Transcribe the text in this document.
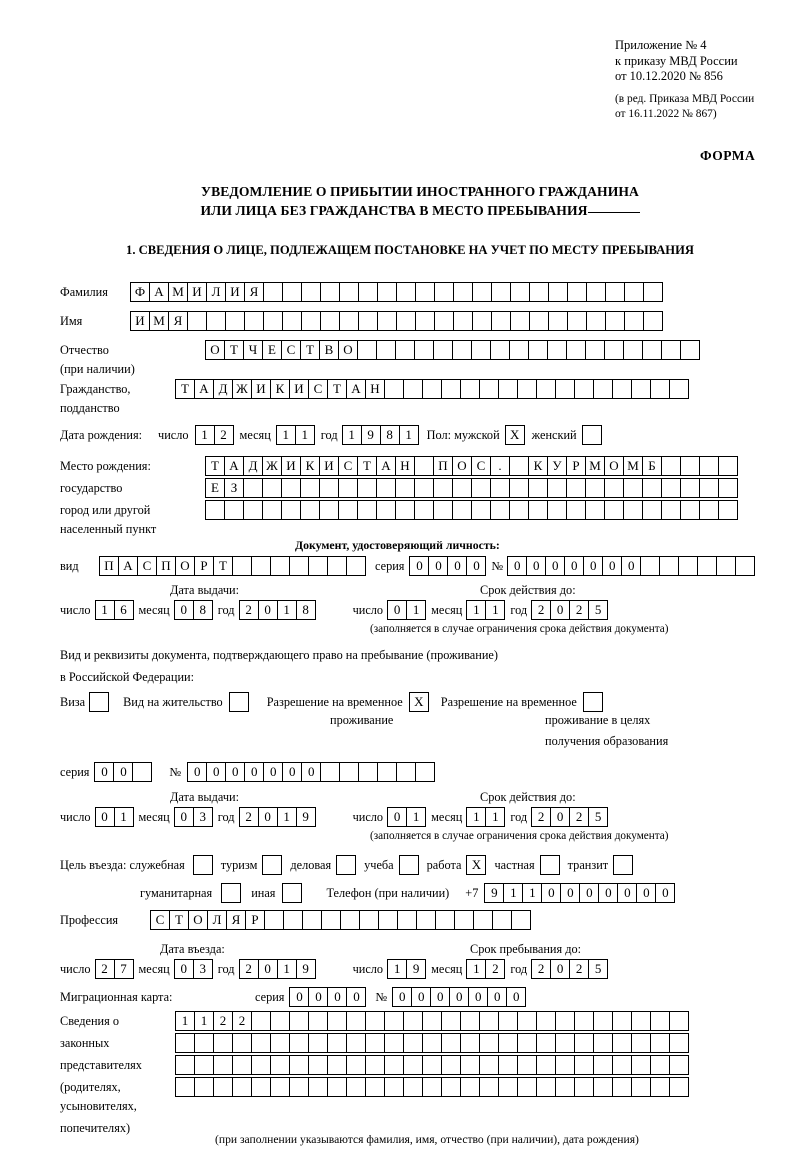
Приложение № 4
к приказу МВД России
от 10.12.2020 № 856
(в ред. Приказа МВД России
от 16.11.2022 № 867)
ФОРМА
УВЕДОМЛЕНИЕ О ПРИБЫТИИ ИНОСТРАННОГО ГРАЖДАНИНА
ИЛИ ЛИЦА БЕЗ ГРАЖДАНСТВА В МЕСТО ПРЕБЫВАНИЯ
1. СВЕДЕНИЯ О ЛИЦЕ, ПОДЛЕЖАЩЕМ ПОСТАНОВКЕ НА УЧЕТ ПО МЕСТУ ПРЕБЫВАНИЯ
Фамилия	Ф А М И Л И Я
Имя	И М Я
Отчество	О Т Ч Е С Т В О
(при наличии)
Гражданство,	Т А Д Ж И К И С Т А Н
подданство
Дата рождения: число 1 2	месяц 1 1	год 1 9 8 1	Пол: мужской X	женский
Место рождения:	Т А Д Ж И К И С Т А Н	П О С	.	К У Р М О М Б
государство	Е З
город или другой
населенный пункт
Документ, удостоверяющий личность:
вид	П А С П О Р Т	серия 0 0 0 0 № 0 0 0 0 0 0 0
Дата выдачи:	Срок действия до:
число 1 6 месяц 0 8 год 2 0 1 8	число 0 1 месяц 1 1 год 2 0 2 5
(заполняется в случае ограничения срока действия документа)
Вид и реквизиты документа, подтверждающего право на пребывание (проживание)
в Российской Федерации:
Виза	Вид на жительство	Разрешение на временное X	Разрешение на временное
проживание	проживание в целях
получения образования
серия 0 0	№ 0 0 0 0 0 0 0
Дата выдачи:	Срок действия до:
число 0 1 месяц 0 3 год 2 0 1 9	число 0 1 месяц 1 1 год 2 0 2 5
(заполняется в случае ограничения срока действия документа)
Цель въезда: служебная	туризм	деловая	учеба	работа X	частная	транзит
гуманитарная	иная	Телефон (при наличии) +7 9 1 1 0 0 0 0 0 0 0
Профессия	С Т О Л Я Р
Дата въезда:	Срок пребывания до:
число 2 7 месяц 0 3 год 2 0 1 9	число 1 9 месяц 1 2 год 2 0 2 5
Миграционная карта:	серия 0 0 0 0	№ 0 0 0 0 0 0 0
Сведения о	1 1 2 2
законных
представителях
(родителях,
усыновителях,
попечителях)
(при заполнении указываются фамилия, имя, отчество (при наличии), дата рождения)
